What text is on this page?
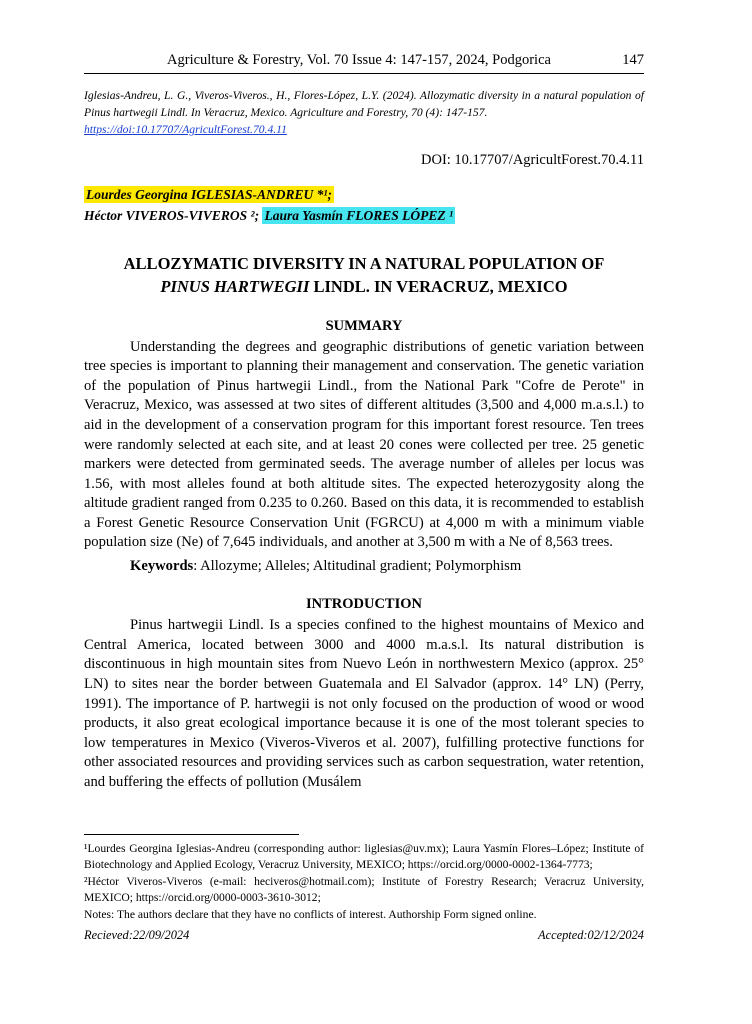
Agriculture & Forestry, Vol. 70 Issue 4: 147-157, 2024, Podgorica	147
Iglesias-Andreu, L. G., Viveros-Viveros., H., Flores-López, L.Y. (2024). Allozymatic diversity in a natural population of Pinus hartwegii Lindl. In Veracruz, Mexico. Agriculture and Forestry, 70 (4): 147-157.
https://doi:10.17707/AgricultForest.70.4.11
DOI: 10.17707/AgricultForest.70.4.11
Lourdes Georgina IGLESIAS-ANDREU *¹;
Héctor VIVEROS-VIVEROS ²; Laura Yasmín FLORES LÓPEZ ¹
ALLOZYMATIC DIVERSITY IN A NATURAL POPULATION OF
PINUS HARTWEGII LINDL. IN VERACRUZ, MEXICO
SUMMARY

Understanding the degrees and geographic distributions of genetic variation between tree species is important to planning their management and conservation. The genetic variation of the population of Pinus hartwegii Lindl., from the National Park "Cofre de Perote" in Veracruz, Mexico, was assessed at two sites of different altitudes (3,500 and 4,000 m.a.s.l.) to aid in the development of a conservation program for this important forest resource. Ten trees were randomly selected at each site, and at least 20 cones were collected per tree. 25 genetic markers were detected from germinated seeds. The average number of alleles per locus was 1.56, with most alleles found at both altitude sites. The expected heterozygosity along the altitude gradient ranged from 0.235 to 0.260. Based on this data, it is recommended to establish a Forest Genetic Resource Conservation Unit (FGRCU) at 4,000 m with a minimum viable population size (Ne) of 7,645 individuals, and another at 3,500 m with a Ne of 8,563 trees.

Keywords: Allozyme; Alleles; Altitudinal gradient; Polymorphism

INTRODUCTION

Pinus hartwegii Lindl. Is a species confined to the highest mountains of Mexico and Central America, located between 3000 and 4000 m.a.s.l. Its natural distribution is discontinuous in high mountain sites from Nuevo León in northwestern Mexico (approx. 25° LN) to sites near the border between Guatemala and El Salvador (approx. 14° LN) (Perry, 1991). The importance of P. hartwegii is not only focused on the production of wood or wood products, it also great ecological importance because it is one of the most tolerant species to low temperatures in Mexico (Viveros-Viveros et al. 2007), fulfilling protective functions for other associated resources and providing services such as carbon sequestration, water retention, and buffering the effects of pollution (Musálem

¹Lourdes Georgina Iglesias-Andreu (corresponding author: liglesias@uv.mx); Laura Yasmín Flores–López; Institute of Biotechnology and Applied Ecology, Veracruz University, MEXICO; https://orcid.org/0000-0002-1364-7773;

²Héctor Viveros-Viveros (e-mail: heciveros@hotmail.com); Institute of Forestry Research; Veracruz University, MEXICO; https://orcid.org/0000-0003-3610-3012;

Notes: The authors declare that they have no conflicts of interest. Authorship Form signed online.

Recieved:22/09/2024	Accepted:02/12/2024
